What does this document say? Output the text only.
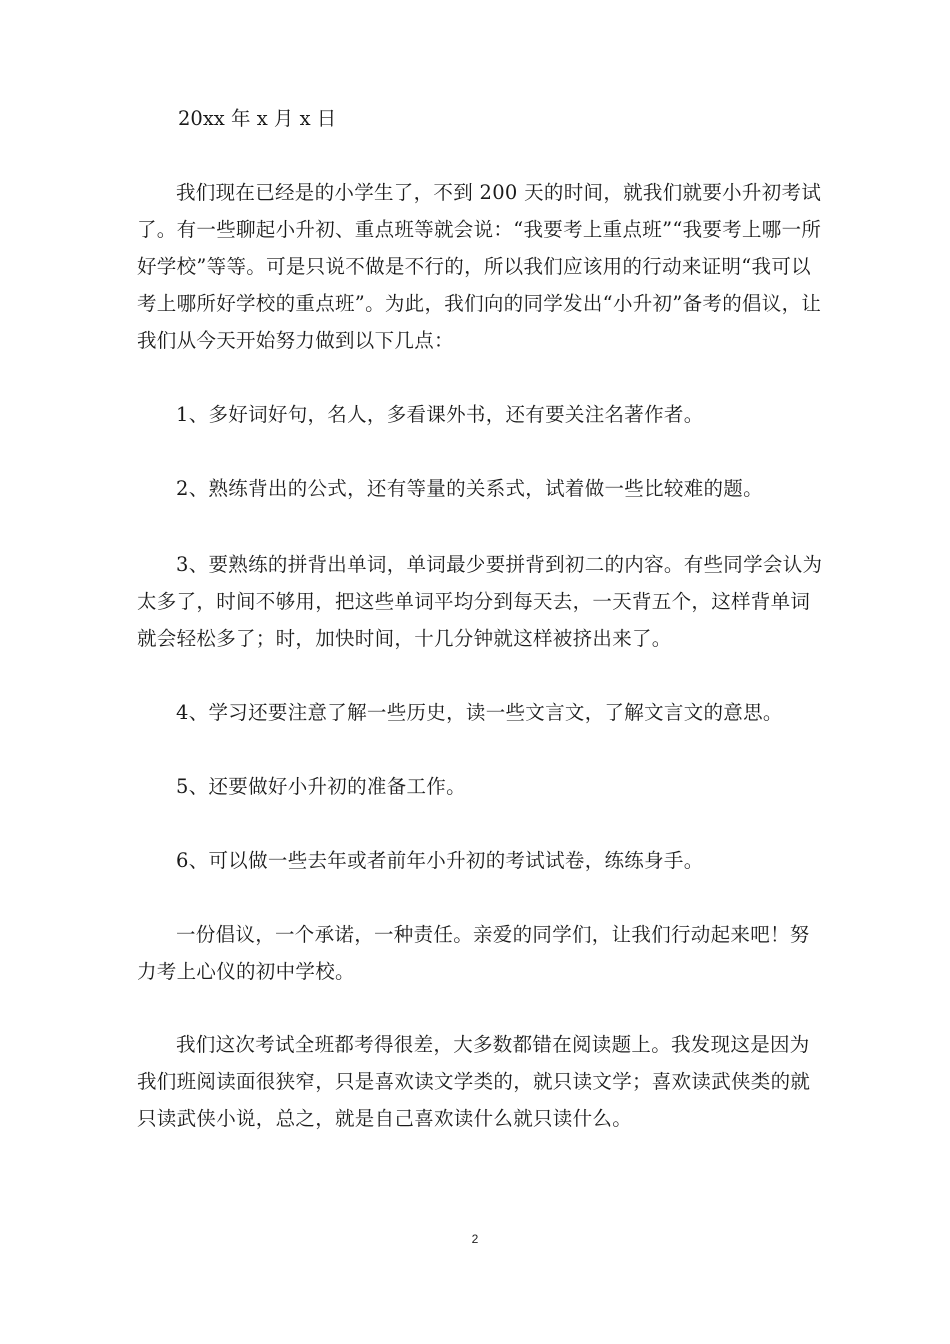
20xx 年 x 月 x 日

我们现在已经是的小学生了，不到 200 天的时间，就我们就要小升初考试了。有一些聊起小升初、重点班等就会说：“我要考上重点班”“我要考上哪一所好学校”等等。可是只说不做是不行的，所以我们应该用的行动来证明“我可以考上哪所好学校的重点班”。为此，我们向的同学发出“小升初”备考的倡议，让我们从今天开始努力做到以下几点：

1、多好词好句，名人，多看课外书，还有要关注名著作者。

2、熟练背出的公式，还有等量的关系式，试着做一些比较难的题。

3、要熟练的拼背出单词，单词最少要拼背到初二的内容。有些同学会认为太多了，时间不够用，把这些单词平均分到每天去，一天背五个，这样背单词就会轻松多了；时，加快时间，十几分钟就这样被挤出来了。

4、学习还要注意了解一些历史，读一些文言文，了解文言文的意思。

5、还要做好小升初的准备工作。

6、可以做一些去年或者前年小升初的考试试卷，练练身手。

一份倡议，一个承诺，一种责任。亲爱的同学们，让我们行动起来吧！努力考上心仪的初中学校。

我们这次考试全班都考得很差，大多数都错在阅读题上。我发现这是因为我们班阅读面很狭窄，只是喜欢读文学类的，就只读文学；喜欢读武侠类的就只读武侠小说，总之，就是自己喜欢读什么就只读什么。

2
